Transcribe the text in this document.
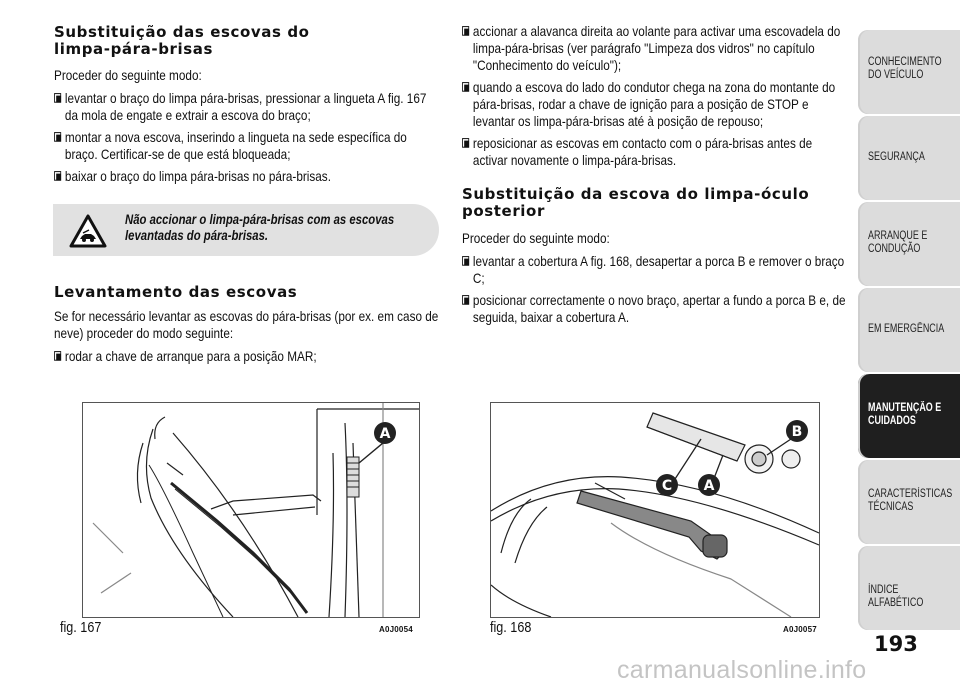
Substituição das escovas do
limpa-pára-brisas

Proceder do seguinte modo:

levantar o braço do limpa pára-brisas, pressionar a lingueta A fig. 167 da mola de engate e extrair a escova do braço;
montar a nova escova, inserindo a lingueta na sede específica do braço. Certificar-se de que está bloqueada;
baixar o braço do limpa pára-brisas no pára-brisas.
Não accionar o limpa-pára-brisas com as escovas levantadas do pára-brisas.
Levantamento das escovas

Se for necessário levantar as escovas do pára-brisas (por ex. em caso de neve) proceder do modo seguinte:

rodar a chave de arranque para a posição MAR;
accionar a alavanca direita ao volante para activar uma escovadela do limpa-pára-brisas (ver parágrafo "Limpeza dos vidros" no capítulo "Conhecimento do veículo");
quando a escova do lado do condutor chega na zona do montante do pára-brisas, rodar a chave de ignição para a posição de STOP e levantar os limpa-pára-brisas até à posição de repouso;
reposicionar as escovas em contacto com o pára-brisas antes de activar novamente o limpa-pára-brisas.
Substituição da escova do limpa-óculo
posterior

Proceder do seguinte modo:

levantar a cobertura A fig. 168, desapertar a porca B e remover o braço C;
posicionar correctamente o novo braço, apertar a fundo a porca B e, de seguida, baixar a cobertura A.
A
fig. 167	A0J0054
B
C A
fig. 168	A0J0057
CONHECIMENTO DO VEÍCULO
SEGURANÇA
ARRANQUE E CONDUÇÃO
EM EMERGÊNCIA
MANUTENÇÃO E CUIDADOS
CARACTERÍSTICAS TÉCNICAS
ÍNDICE ALFABÉTICO
193
carmanualsonline.info
